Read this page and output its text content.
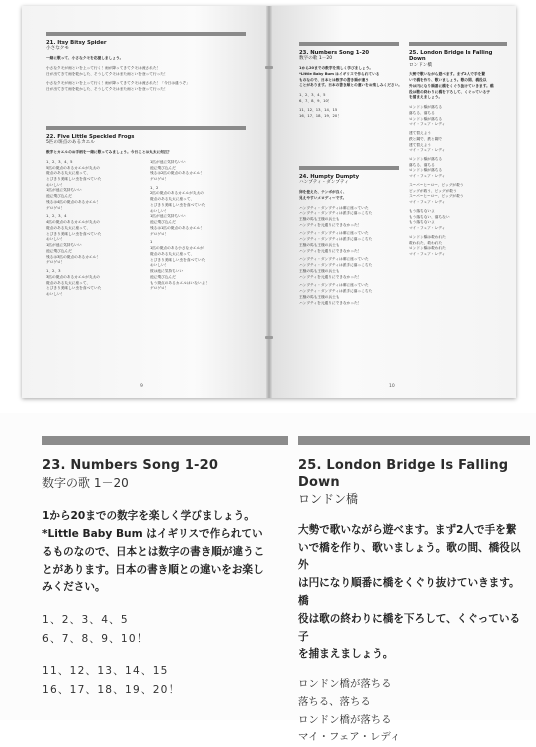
21. Itsy Bitsy Spider
小さなクモ
一緒に歌って、小さなクモを応援しましょう。
小さなクモが雨といを上って行く！雨が降ってきてクモは流された！
日が出てきて雨を乾かした、そうしてクモはまた雨といを登って行った！
小さなクモが雨といを上って行く！雨が降ってきてクモは流された！「今日は違うぞ」
日が出てきて雨を乾かした、そうしてクモはまた雨といを登って行った！
22. Five Little Speckled Frogs
5匹の斑点のあるカエル
数字とカエルのお手柄を一緒に歌ってみましょう。今日ことは丸太に何匹？
1、2、3、4、5
5匹の斑点のあるカエルが丸太の
斑点のある丸太に座って、
とびきり美味しい虫を食べていた
おいしい！
1匹が池に気持ちいい
池に飛び込んだ
残るは4匹の斑点のあるカエル！
ゲロゲロ！
1、2、3、4
4匹の斑点のあるカエルが丸太の
斑点のある丸太に座って、
とびきり美味しい虫を食べていた
おいしい！
1匹が池に気持ちいい
池に飛び込んだ
残るは3匹の斑点のあるカエル！
ゲロゲロ！
1、2、3
3匹の斑点のあるカエルが丸太の
斑点のある丸太に座って、
とびきり美味しい虫を食べていた
おいしい！
1匹が池に気持ちいい
池に飛び込んだ
残るは2匹の斑点のあるカエル！
ゲロゲロ！
1、2
2匹の斑点のあるカエルが丸太の
斑点のある丸太に座って、
とびきり美味しい虫を食べていた
おいしい！
1匹が池に気持ちいい
池に飛び込んだ
残るは1匹の斑点のあるカエル！
ゲロゲロ！
1
1匹の斑点のある小さなカエルが
斑点のある丸太に座って、
とびきり美味しい虫を食べていた
おいしい！
彼は池に気持ちいい
池に飛び込んだ
もう斑点のあるカエルはいないよ！
ゲロゲロ！
9
23. Numbers Song 1-20
数字の歌 1－20
1から20までの数字を楽しく学びましょう。
*Little Baby Bum はイギリスで作られている
ものなので、日本とは数字の書き順が違う
ことがあります。日本の書き順との違いをお楽しみください。
1、2、3、4、5
6、7、8、9、10！
11、12、13、14、15
16、17、18、19、20！
24. Humpty Dumpty
ハンプティ・ダンプティ
卵を使えた、テンポが良く、
見えやすいメロディーです。
ハンプティ・ダンプティは塀に座っていた
ハンプティ・ダンプティは派手に落っこちた
王様の馬も王様の兵士も
ハンプティを元通りにできなかった！
ハンプティ・ダンプティは塀に座っていた
ハンプティ・ダンプティは派手に落っこちた
王様の馬も王様の兵士も
ハンプティを元通りにできなかった！
ハンプティ・ダンプティは塀に座っていた
ハンプティ・ダンプティは派手に落っこちた
王様の馬も王様の兵士も
ハンプティを元通りにできなかった！
ハンプティ・ダンプティは塀に座っていた
ハンプティ・ダンプティは派手に落っこちた
王様の馬も王様の兵士も
ハンプティを元通りにできなかった！
25. London Bridge Is Falling Down
ロンドン橋
大勢で歌いながら遊べます。まず2人で手を繋
いで橋を作り、歌いましょう。歌の間、橋役以
外は円になり順番に橋をくぐり抜けていきます。橋
役は歌の終わりに橋を下ろして、くぐっている子
を捕まえましょう。
ロンドン橋が落ちる
落ちる、落ちる
ロンドン橋が落ちる
マイ・フェア・レディ
建て替えよう
鉄と鋼で、鉄と鋼で
建て替えよう
マイ・フェア・レディ
ロンドン橋が落ちる
落ちる、落ちる
ロンドン橋が落ちる
マイ・フェア・レディ
スーパーヒーロー、ビッグが救う
ビッグが救う、ビッグが救う
スーパーヒーロー、ビッグが救う
マイ・フェア・レディ
もう落ちないよ
もう落ちない、落ちない
もう落ちないよ
マイ・フェア・レディ
ロンドン橋は救われた
救われた、救われた
ロンドン橋は救われた
マイ・フェア・レディ
10
23. Numbers Song 1-20
数字の歌 1－20
1から20までの数字を楽しく学びましょう。
*Little Baby Bum はイギリスで作られてい
るものなので、日本とは数字の書き順が違うこ
とがあります。日本の書き順との違いをお楽し
みください。
1、2、3、4、5
6、7、8、9、10！
11、12、13、14、15
16、17、18、19、20！
25. London Bridge Is Falling
Down
ロンドン橋
大勢で歌いながら遊べます。まず2人で手を繋
いで橋を作り、歌いましょう。歌の間、橋役以外
は円になり順番に橋をくぐり抜けていきます。橋
役は歌の終わりに橋を下ろして、くぐっている子
を捕まえましょう。
ロンドン橋が落ちる
落ちる、落ちる
ロンドン橋が落ちる
マイ・フェア・レディ
